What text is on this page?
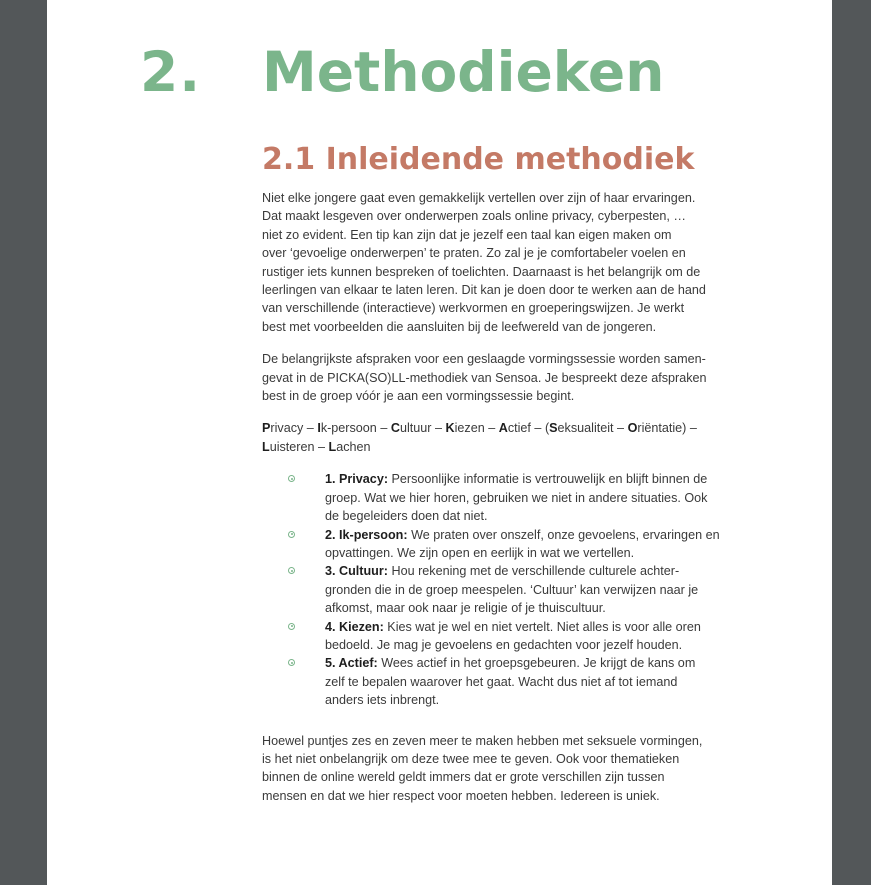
2. Methodieken
2.1 Inleidende methodiek

Niet elke jongere gaat even gemakkelijk vertellen over zijn of haar ervaringen.
Dat maakt lesgeven over onderwerpen zoals online privacy, cyberpesten, …
niet zo evident. Een tip kan zijn dat je jezelf een taal kan eigen maken om
over ‘gevoelige onderwerpen’ te praten. Zo zal je je comfortabeler voelen en
rustiger iets kunnen bespreken of toelichten. Daarnaast is het belangrijk om de
leerlingen van elkaar te laten leren. Dit kan je doen door te werken aan de hand
van verschillende (interactieve) werkvormen en groeperingswijzen. Je werkt
best met voorbeelden die aansluiten bij de leefwereld van de jongeren.

De belangrijkste afspraken voor een geslaagde vormingssessie worden samen-
gevat in de PICKA(SO)LL-methodiek van Sensoa. Je bespreekt deze afspraken
best in de groep vóór je aan een vormingssessie begint.

Privacy – Ik-persoon – Cultuur – Kiezen – Actief – (Seksualiteit – Oriëntatie) –
Luisteren – Lachen

1. Privacy: Persoonlijke informatie is vertrouwelijk en blijft binnen de
groep. Wat we hier horen, gebruiken we niet in andere situaties. Ook
de begeleiders doen dat niet.
2. Ik-persoon: We praten over onszelf, onze gevoelens, ervaringen en
opvattingen. We zijn open en eerlijk in wat we vertellen.
3. Cultuur: Hou rekening met de verschillende culturele achter-
gronden die in de groep meespelen. ‘Cultuur’ kan verwijzen naar je
afkomst, maar ook naar je religie of je thuiscultuur.
4. Kiezen: Kies wat je wel en niet vertelt. Niet alles is voor alle oren
bedoeld. Je mag je gevoelens en gedachten voor jezelf houden.
5. Actief: Wees actief in het groepsgebeuren. Je krijgt de kans om
zelf te bepalen waarover het gaat. Wacht dus niet af tot iemand
anders iets inbrengt.

Hoewel puntjes zes en zeven meer te maken hebben met seksuele vormingen,
is het niet onbelangrijk om deze twee mee te geven. Ook voor thematieken
binnen de online wereld geldt immers dat er grote verschillen zijn tussen
mensen en dat we hier respect voor moeten hebben. Iedereen is uniek.
